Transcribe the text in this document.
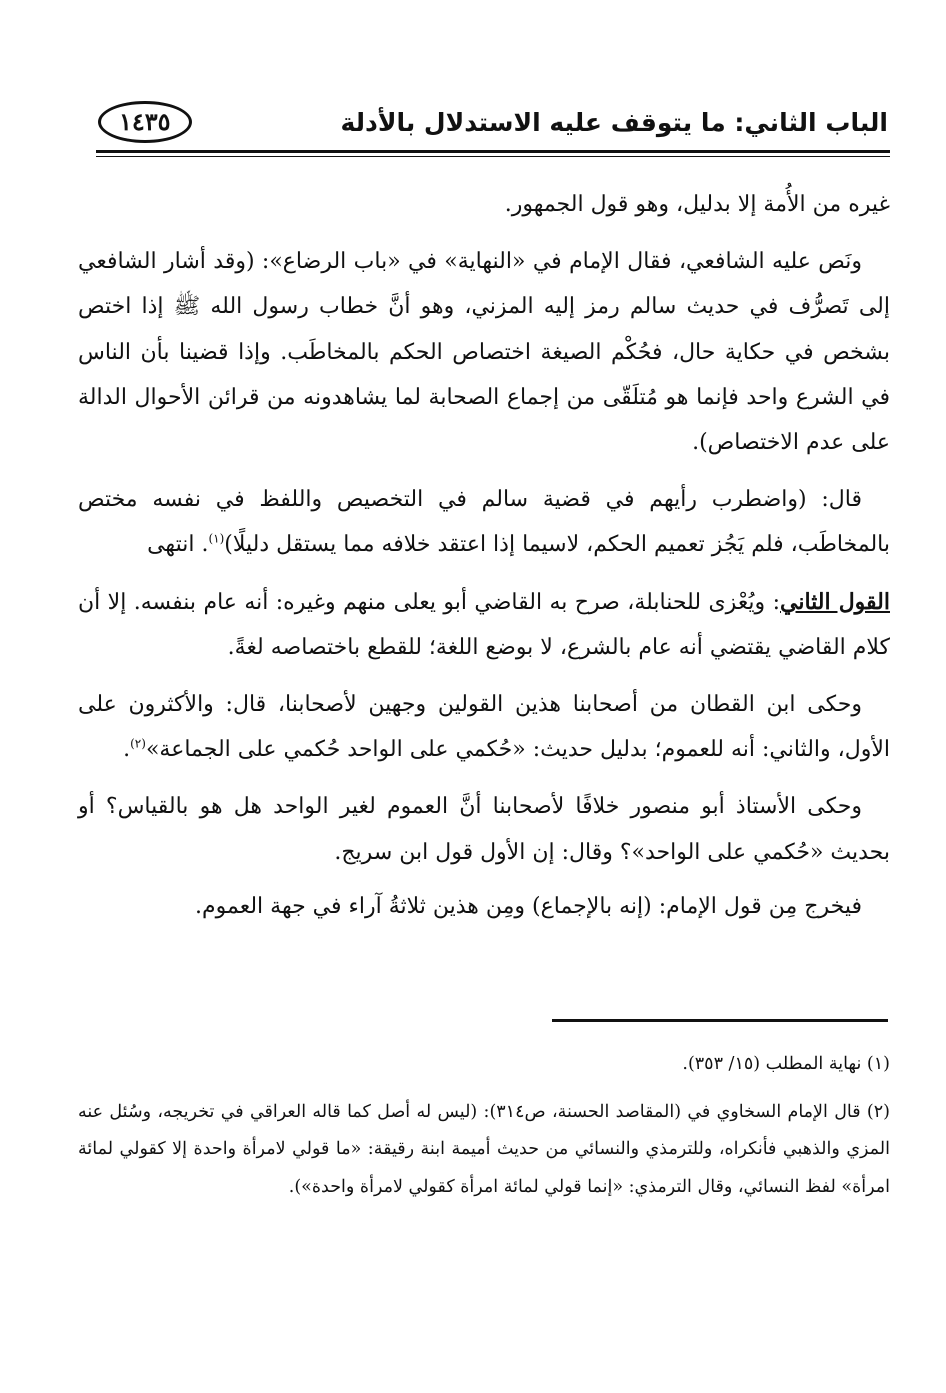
الباب الثاني: ما يتوقف عليه الاستدلال بالأدلة
١٤٣٥

غيره من الأُمة إلا بدليل، وهو قول الجمهور.

ونَص عليه الشافعي، فقال الإمام في «النهاية» في «باب الرضاع»: (وقد أشار الشافعي إلى تَصرُّف في حديث سالم رمز إليه المزني، وهو أنَّ خطاب رسول الله ﷺ إذا اختص بشخص في حكاية حال، فحُكْم الصيغة اختصاص الحكم بالمخاطَب. وإذا قضينا بأن الناس في الشرع واحد فإنما هو مُتلَقّى من إجماع الصحابة لما يشاهدونه من قرائن الأحوال الدالة على عدم الاختصاص).

قال: (واضطرب رأيهم في قضية سالم في التخصيص واللفظ في نفسه مختص بالمخاطَب، فلم يَجُز تعميم الحكم، لاسيما إذا اعتقد خلافه مما يستقل دليلًا)$^{(١)}$. انتهى

القول الثاني: ويُعْزى للحنابلة، صرح به القاضي أبو يعلى منهم وغيره: أنه عام بنفسه. إلا أن كلام القاضي يقتضي أنه عام بالشرع، لا بوضع اللغة؛ للقطع باختصاصه لغةً.

وحكى ابن القطان من أصحابنا هذين القولين وجهين لأصحابنا، قال: والأكثرون على الأول، والثاني: أنه للعموم؛ بدليل حديث: «حُكمي على الواحد حُكمي على الجماعة»$^{(٢)}$.

وحكى الأستاذ أبو منصور خلافًا لأصحابنا أنَّ العموم لغير الواحد هل هو بالقياس؟ أو بحديث «حُكمي على الواحد»؟ وقال: إن الأول قول ابن سريج.

فيخرج مِن قول الإمام: (إنه بالإجماع) ومِن هذين ثلاثةُ آراء في جهة العموم.

(١) نهاية المطلب (١٥/ ٣٥٣).

(٢) قال الإمام السخاوي في (المقاصد الحسنة، ص٣١٤): (ليس له أصل كما قاله العراقي في تخريجه، وسُئل عنه المزي والذهبي فأنكراه، وللترمذي والنسائي من حديث أميمة ابنة رقيقة: «ما قولي لامرأة واحدة إلا كقولي لمائة امرأة» لفظ النسائي، وقال الترمذي: «إنما قولي لمائة امرأة كقولي لامرأة واحدة»).
